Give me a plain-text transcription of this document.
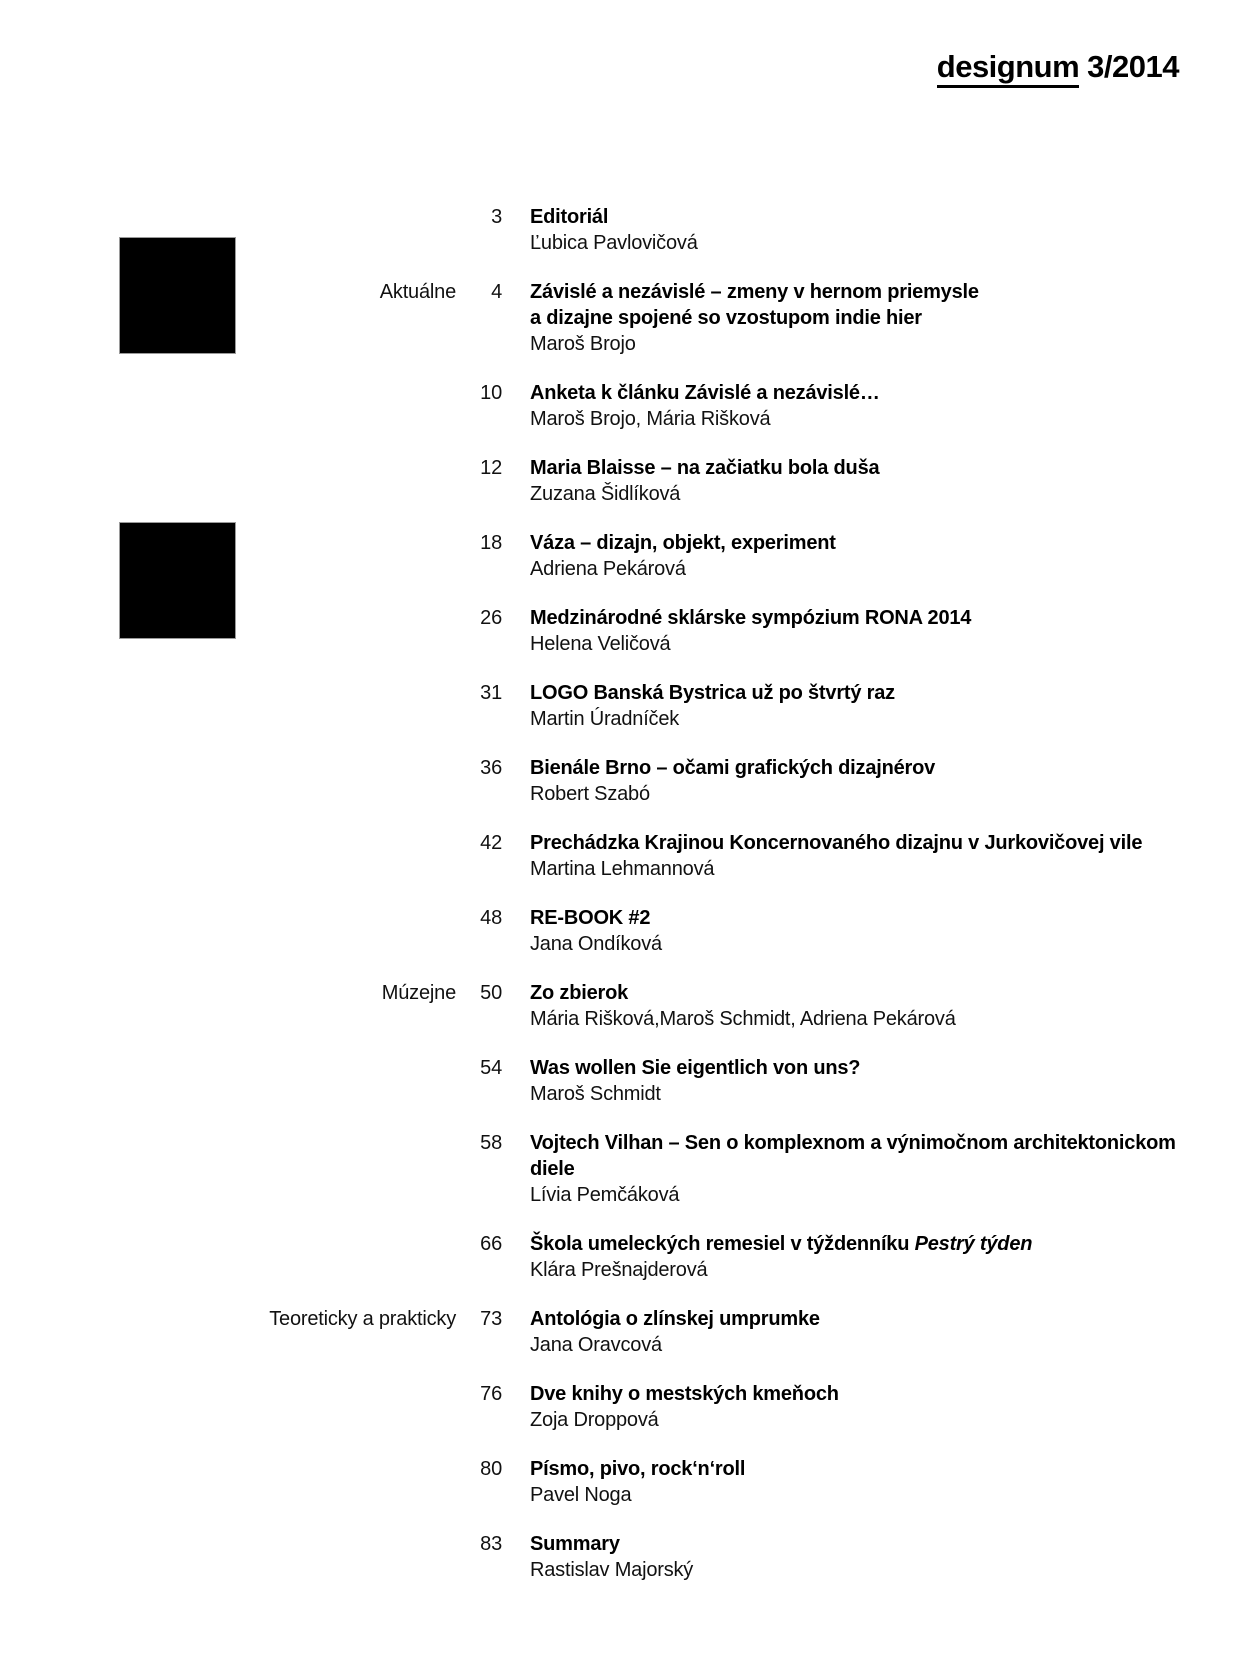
designum 3/2014
3 Editoriál
Ľubica Pavlovičová
Aktuálne	4 Závislé a nezávislé – zmeny v hernom priemysle
a dizajne spojené so vzostupom indie hier
Maroš Brojo
10 Anketa k článku Závislé a nezávislé…
Maroš Brojo, Mária Rišková
12 Maria Blaisse – na začiatku bola duša
Zuzana Šidlíková
18 Váza – dizajn, objekt, experiment
Adriena Pekárová
26 Medzinárodné sklárske sympózium RONA 2014
Helena Veličová
31 LOGO Banská Bystrica už po štvrtý raz
Martin Úradníček
36 Bienále Brno – očami grafických dizajnérov
Robert Szabó
42 Prechádzka Krajinou Koncernovaného dizajnu v Jurkovičovej vile
Martina Lehmannová
48 RE-BOOK #2
Jana Ondíková
Múzejne	50 Zo zbierok
Mária Rišková,Maroš Schmidt, Adriena Pekárová
54 Was wollen Sie eigentlich von uns?
Maroš Schmidt
58 Vojtech Vilhan – Sen o komplexnom a výnimočnom architektonickom diele
Lívia Pemčáková
66 Škola umeleckých remesiel v týždenníku Pestrý týden
Klára Prešnajderová
Teoreticky a prakticky	73 Antológia o zlínskej umprumke
Jana Oravcová
76 Dve knihy o mestských kmeňoch
Zoja Droppová
80 Písmo, pivo, rock‘n‘roll
Pavel Noga
83 Summary
Rastislav Majorský
